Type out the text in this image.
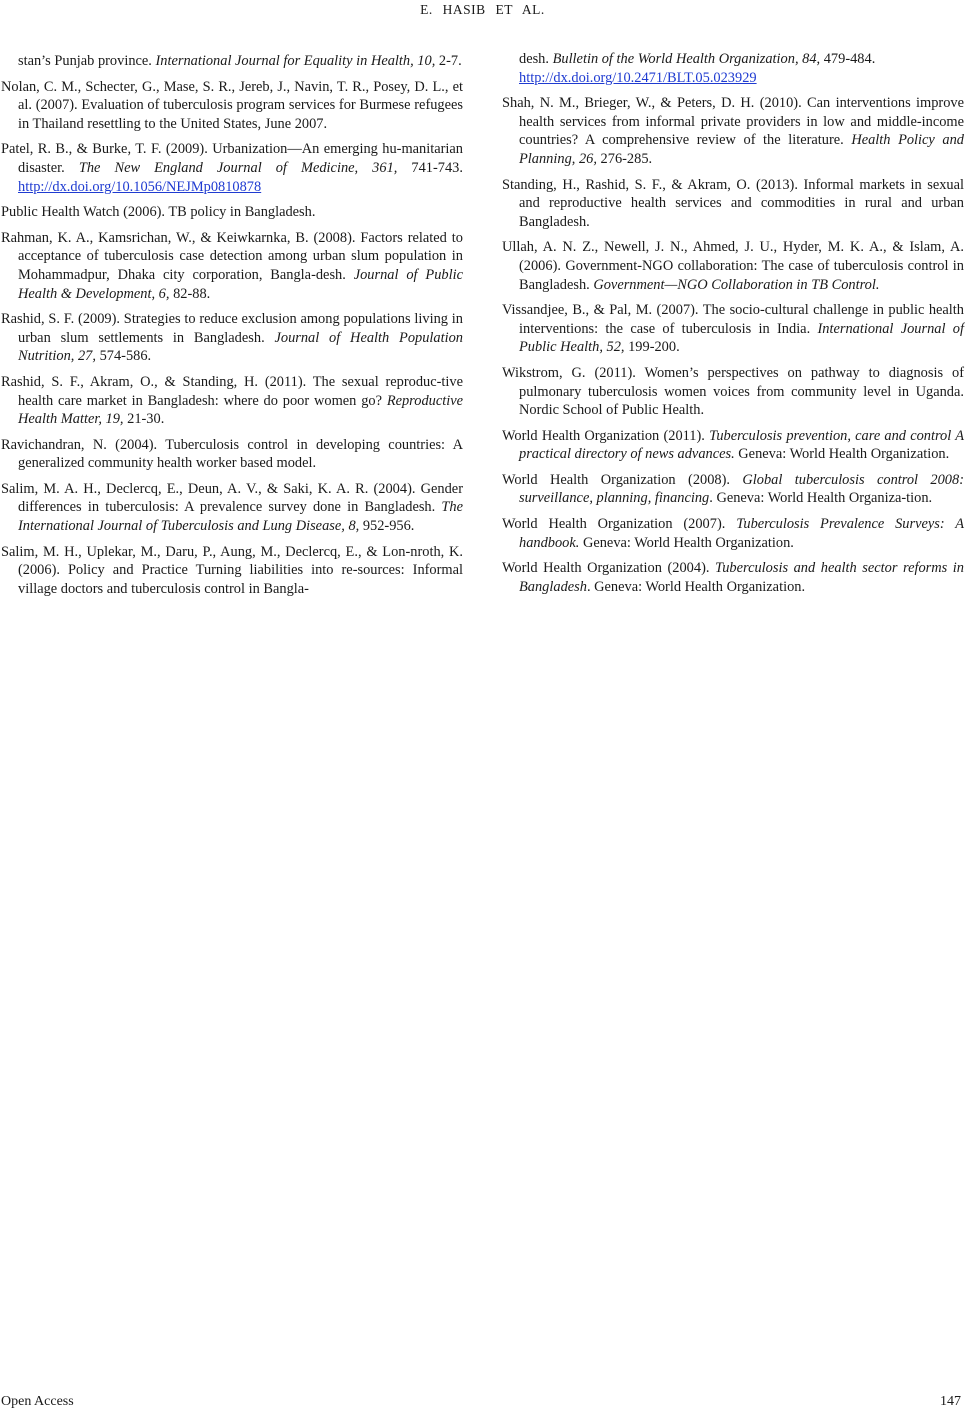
E. HASIB ET AL.

stan’s Punjab province. International Journal for Equality in Health, 10, 2-7.

Nolan, C. M., Schecter, G., Mase, S. R., Jereb, J., Navin, T. R., Posey, D. L., et al. (2007). Evaluation of tuberculosis program services for Burmese refugees in Thailand resettling to the United States, June 2007.

Patel, R. B., & Burke, T. F. (2009). Urbanization—An emerging hu-manitarian disaster. The New England Journal of Medicine, 361, 741-743. http://dx.doi.org/10.1056/NEJMp0810878

Public Health Watch (2006). TB policy in Bangladesh.

Rahman, K. A., Kamsrichan, W., & Keiwkarnka, B. (2008). Factors related to acceptance of tuberculosis case detection among urban slum population in Mohammadpur, Dhaka city corporation, Bangla-desh. Journal of Public Health & Development, 6, 82-88.

Rashid, S. F. (2009). Strategies to reduce exclusion among populations living in urban slum settlements in Bangladesh. Journal of Health Population Nutrition, 27, 574-586.

Rashid, S. F., Akram, O., & Standing, H. (2011). The sexual reproduc-tive health care market in Bangladesh: where do poor women go? Reproductive Health Matter, 19, 21-30.

Ravichandran, N. (2004). Tuberculosis control in developing countries: A generalized community health worker based model.

Salim, M. A. H., Declercq, E., Deun, A. V., & Saki, K. A. R. (2004). Gender differences in tuberculosis: A prevalence survey done in Bangladesh. The International Journal of Tuberculosis and Lung Disease, 8, 952-956.

Salim, M. H., Uplekar, M., Daru, P., Aung, M., Declercq, E., & Lon-nroth, K. (2006). Policy and Practice Turning liabilities into re-sources: Informal village doctors and tuberculosis control in Bangla-

desh. Bulletin of the World Health Organization, 84, 479-484.
http://dx.doi.org/10.2471/BLT.05.023929

Shah, N. M., Brieger, W., & Peters, D. H. (2010). Can interventions improve health services from informal private providers in low and middle-income countries? A comprehensive review of the literature. Health Policy and Planning, 26, 276-285.

Standing, H., Rashid, S. F., & Akram, O. (2013). Informal markets in sexual and reproductive health services and commodities in rural and urban Bangladesh.

Ullah, A. N. Z., Newell, J. N., Ahmed, J. U., Hyder, M. K. A., & Islam, A. (2006). Government-NGO collaboration: The case of tuberculosis control in Bangladesh. Government—NGO Collaboration in TB Control.

Vissandjee, B., & Pal, M. (2007). The socio-cultural challenge in public health interventions: the case of tuberculosis in India. International Journal of Public Health, 52, 199-200.

Wikstrom, G. (2011). Women’s perspectives on pathway to diagnosis of pulmonary tuberculosis women voices from community level in Uganda. Nordic School of Public Health.

World Health Organization (2011). Tuberculosis prevention, care and control A practical directory of news advances. Geneva: World Health Organization.

World Health Organization (2008). Global tuberculosis control 2008: surveillance, planning, financing. Geneva: World Health Organiza-tion.

World Health Organization (2007). Tuberculosis Prevalence Surveys: A handbook. Geneva: World Health Organization.

World Health Organization (2004). Tuberculosis and health sector reforms in Bangladesh. Geneva: World Health Organization.

Open Access	147
